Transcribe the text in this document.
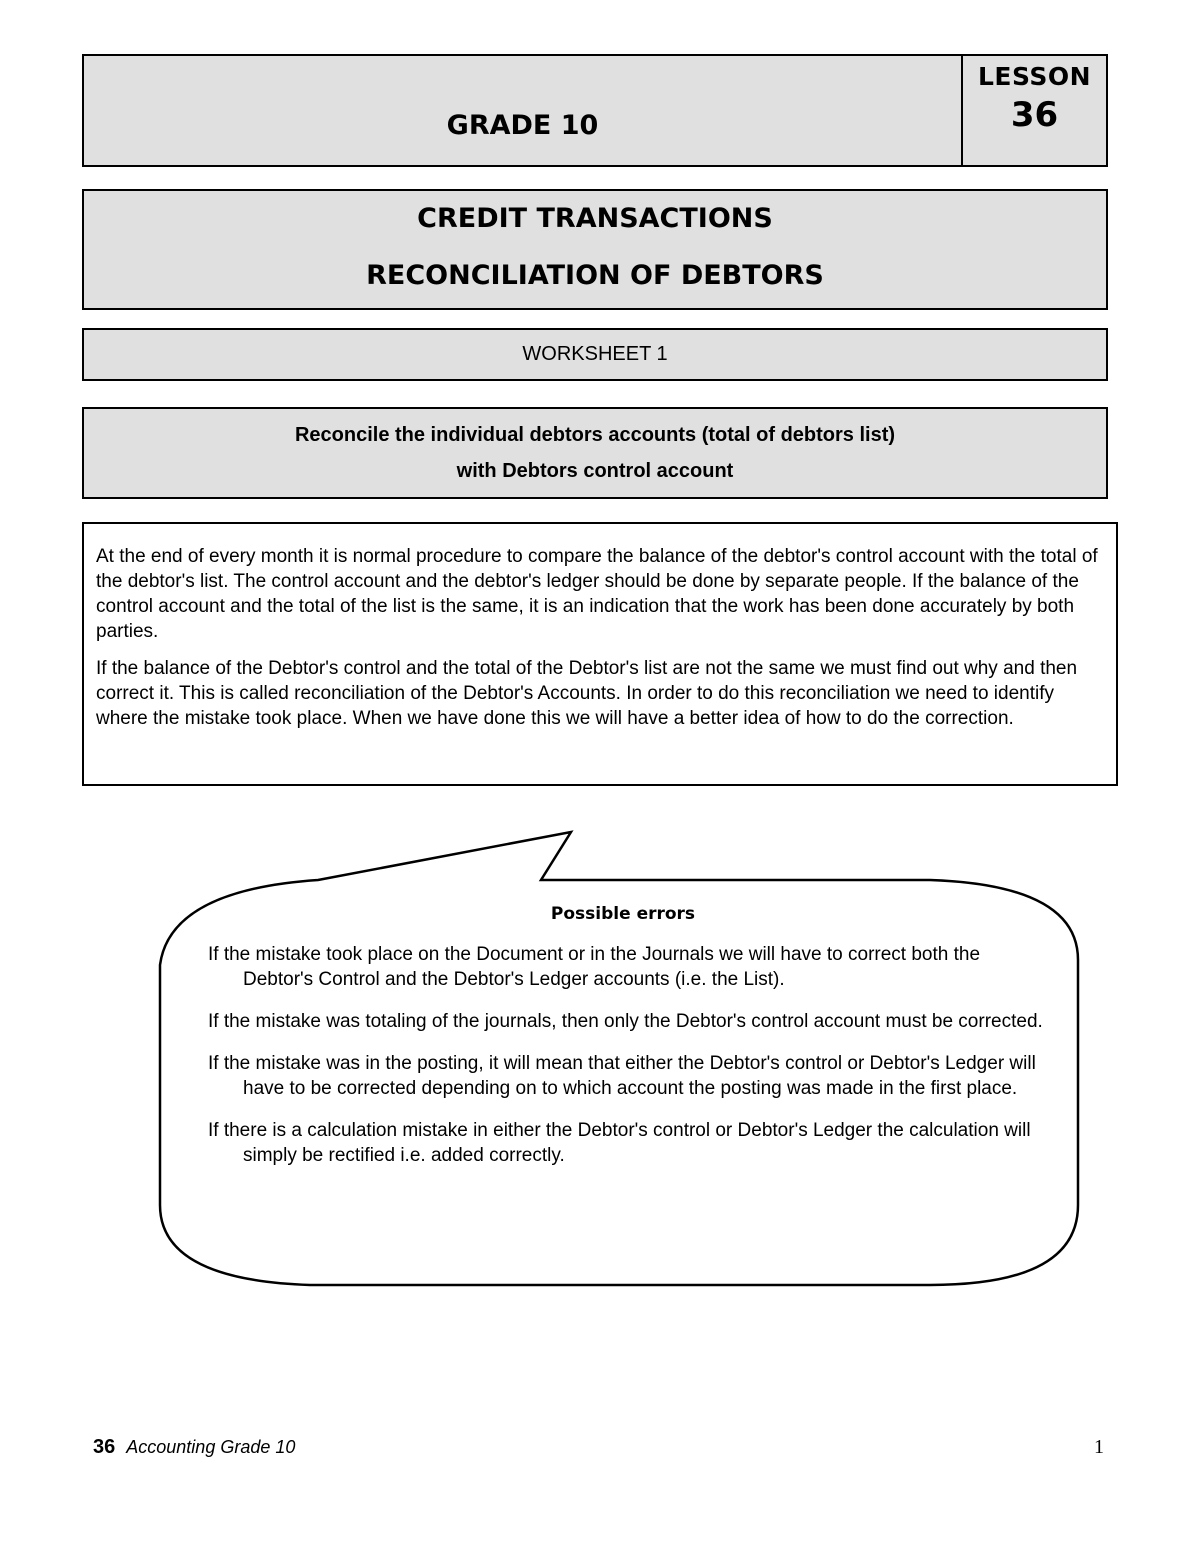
GRADE 10
LESSON
36
CREDIT TRANSACTIONS
RECONCILIATION OF DEBTORS
WORKSHEET 1
Reconcile the individual debtors accounts (total of debtors list)
with Debtors control account

At the end of every month it is normal procedure to compare the balance of the debtor's control account with the total of the debtor's list. The control account and the debtor's ledger should be done by separate people. If the balance of the control account and the total of the list is the same, it is an indication that the work has been done accurately by both parties.

If the balance of the Debtor's control and the total of the Debtor's list are not the same we must find out why and then correct it. This is called reconciliation of the Debtor's Accounts. In order to do this reconciliation we need to identify where the mistake took place. When we have done this we will have a better idea of how to do the correction.

Possible errors

If the mistake took place on the Document or in the Journals we will have to correct both the Debtor's Control and the Debtor's Ledger accounts (i.e. the List).

If the mistake was totaling of the journals, then only the Debtor's control account must be corrected.

If the mistake was in the posting, it will mean that either the Debtor's control or Debtor's Ledger will have to be corrected depending on to which account the posting was made in the first place.

If there is a calculation mistake in either the Debtor's control or Debtor's Ledger the calculation will simply be rectified i.e. added correctly.

36 Accounting Grade 10	1
